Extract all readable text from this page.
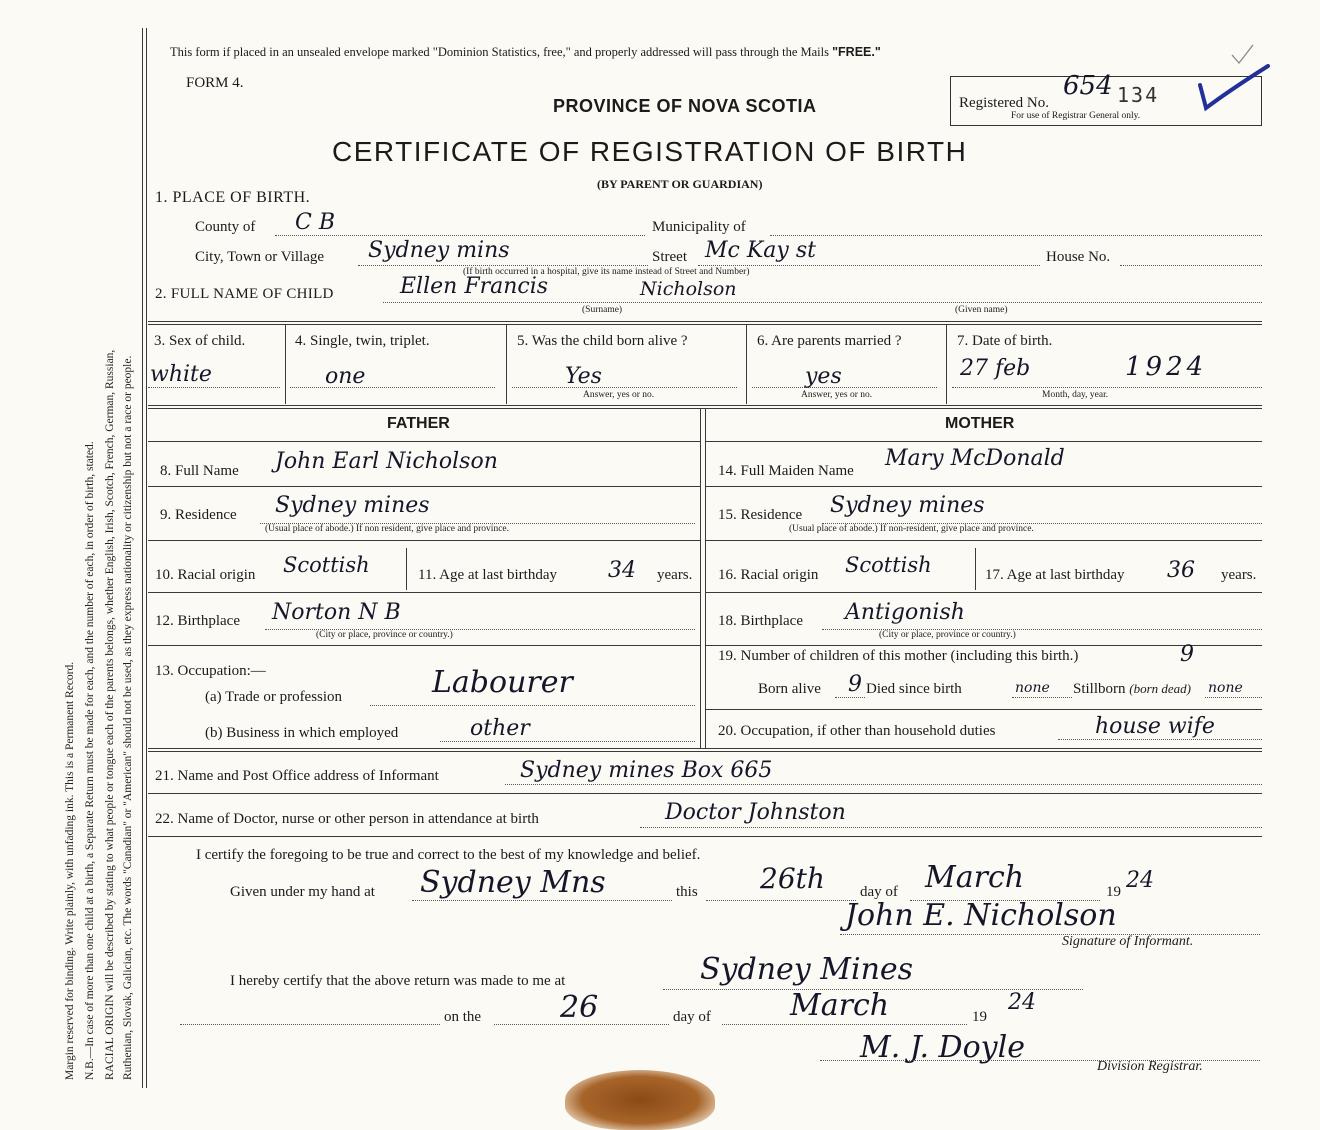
Margin reserved for binding. Write plainly, with unfading ink. This is a Permanent Record. N.B.—In case of more than one child at a birth, a Separate Return must be made for each, and the number of each, in order of birth, stated. RACIAL ORIGIN will be described by stating to what people or tongue each of the parents belongs, whether English, Irish, Scotch, French, German, Russian, Ruthenian, Slovak, Galician, etc. The words "Canadian" or "American" should not be used, as they express nationality or citizenship but not a race or people.
This form if placed in an unsealed envelope marked "Dominion Statistics, free," and properly addressed will pass through the Mails "FREE."
FORM 4.
PROVINCE OF NOVA SCOTIA	Registered No.
654 134
For use of Registrar General only.
CERTIFICATE OF REGISTRATION OF BIRTH
(BY PARENT OR GUARDIAN)
1. PLACE OF BIRTH.
County of C B	Municipality of
City, Town or Village Sydney mins	Street Mc Kay st	House No.
(If birth occurred in a hospital, give its name instead of Street and Number)
2. FULL NAME OF CHILD	Ellen Francis	Nicholson
(Surname)	(Given name)
3. Sex of child.
white
4. Single, twin, triplet.
one
5. Was the child born alive ?
Yes
Answer, yes or no.
6. Are parents married ?
yes
Answer, yes or no.
7. Date of birth.
27 feb	1924
Month, day, year.
FATHER	MOTHER
8. Full Name John Earl Nicholson
9. Residence Sydney mines
(Usual place of abode.) If non resident, give place and province.
10. Racial origin Scottish	11. Age at last birthday 34 years.
12. Birthplace Norton N B
(City or place, province or country.)
13. Occupation:—
(a) Trade or profession	Labourer
(b) Business in which employed	other
14. Full Maiden Name Mary McDonald
15. Residence Sydney mines
(Usual place of abode.) If non-resident, give place and province.
16. Racial origin Scottish	17. Age at last birthday 36 years.
18. Birthplace Antigonish
(City or place, province or country.)
19. Number of children of this mother (including this birth.)	9
Born alive 9 Died since birth	none Stillborn (born dead) none
20. Occupation, if other than household duties	house wife
21. Name and Post Office address of Informant	Sydney mines Box 665
22. Name of Doctor, nurse or other person in attendance at birth	Doctor Johnston
I certify the foregoing to be true and correct to the best of my knowledge and belief.
Given under my hand at Sydney Mns	this 26th day of March	19 24
John E. Nicholson
Signature of Informant.
I hereby certify that the above return was made to me at	Sydney Mines
on the	26	day of	March	19
24
M. J. Doyle
Division Registrar.
